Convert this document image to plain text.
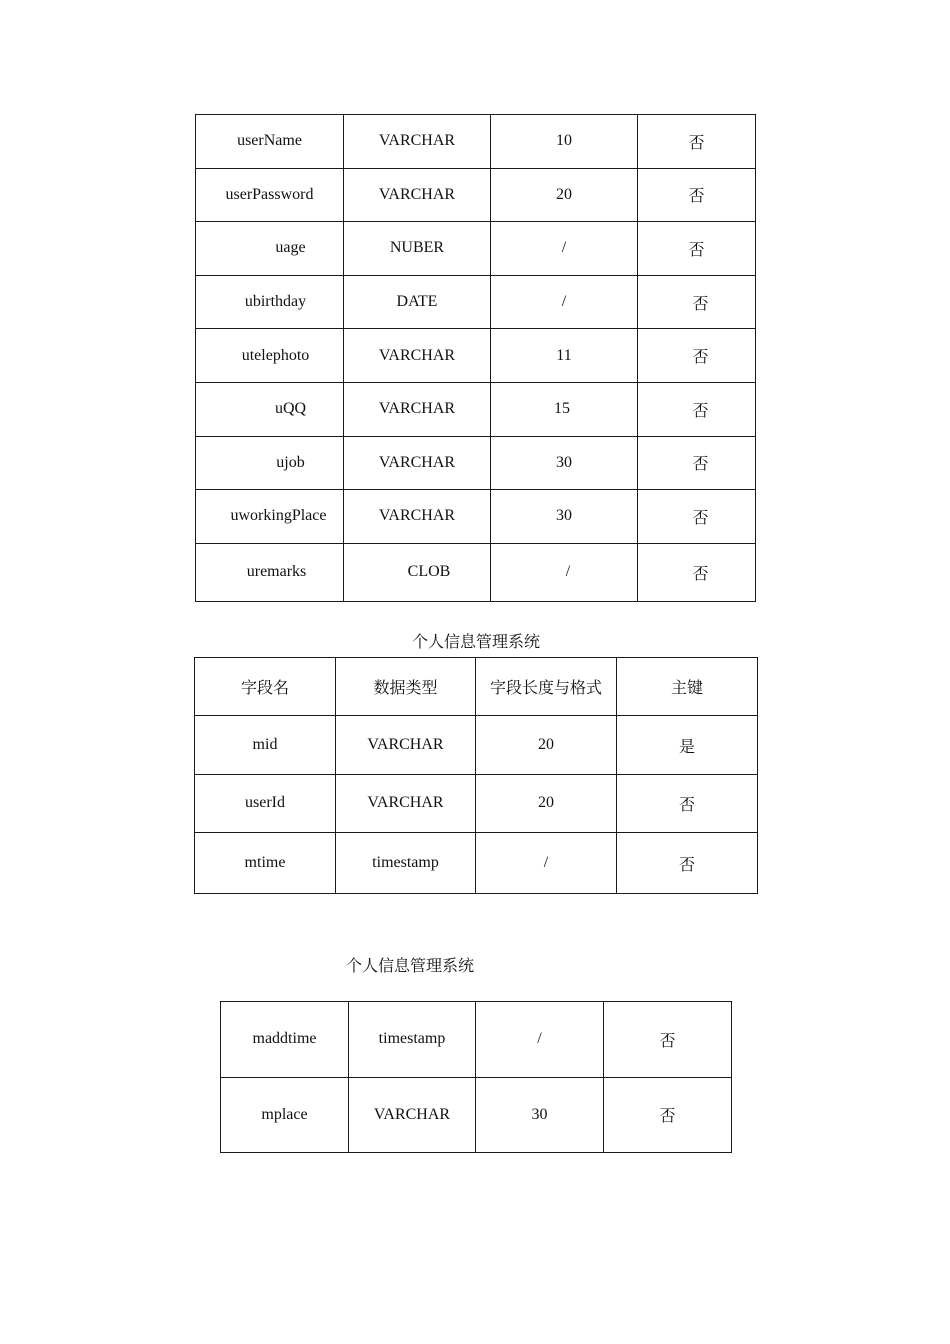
userName	VARCHAR	10	否
userPassword	VARCHAR	20	否
uage	NUBER	/	否
ubirthday	DATE	/	否
utelephoto	VARCHAR	11	否
uQQ	VARCHAR	15	否
ujob	VARCHAR	30	否
uworkingPlace	VARCHAR	30	否
uremarks	CLOB	/	否
个人信息管理系统
字段名	数据类型	字段长度与格式	主键
mid	VARCHAR	20	是
userId	VARCHAR	20	否
mtime	timestamp	/	否
个人信息管理系统
maddtime	timestamp	/	否
mplace	VARCHAR	30	否
